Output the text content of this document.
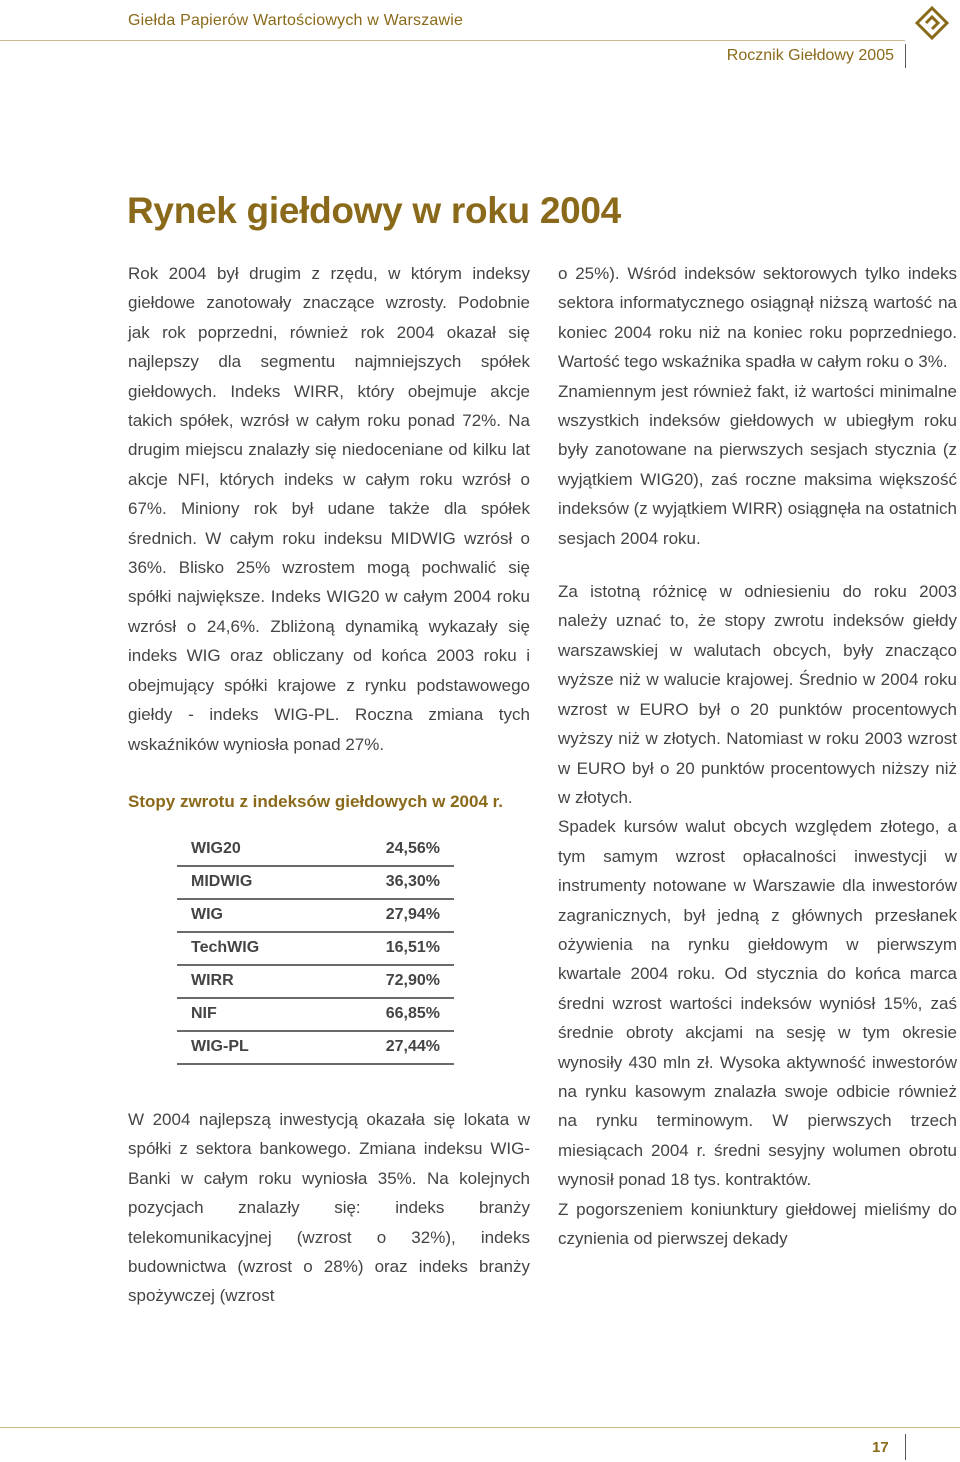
Giełda Papierów Wartościowych w Warszawie
Rocznik Giełdowy 2005
Rynek giełdowy w roku 2004

Rok 2004 był drugim z rzędu, w którym indeksy giełdowe zanotowały znaczące wzrosty. Podobnie jak rok poprzedni, również rok 2004 okazał się najlepszy dla segmentu najmniejszych spółek giełdowych. Indeks WIRR, który obejmuje akcje takich spółek, wzrósł w całym roku ponad 72%. Na drugim miejscu znalazły się niedoceniane od kilku lat akcje NFI, których indeks w całym roku wzrósł o 67%. Miniony rok był udane także dla spółek średnich. W całym roku indeksu MIDWIG wzrósł o 36%. Blisko 25% wzrostem mogą pochwalić się spółki największe. Indeks WIG20 w całym 2004 roku wzrósł o 24,6%. Zbliżoną dynamiką wykazały się indeks WIG oraz obliczany od końca 2003 roku i obejmujący spółki krajowe z rynku podstawowego giełdy - indeks WIG-PL. Roczna zmiana tych wskaźników wyniosła ponad 27%.

Stopy zwrotu z indeksów giełdowych w 2004 r.

WIG20	24,56%
MIDWIG	36,30%
WIG	27,94%
TechWIG	16,51%
WIRR	72,90%
NIF	66,85%
WIG-PL	27,44%

W 2004 najlepszą inwestycją okazała się lokata w spółki z sektora bankowego. Zmiana indeksu WIG-Banki w całym roku wyniosła 35%. Na kolejnych pozycjach znalazły się: indeks branży telekomunikacyjnej (wzrost o 32%), indeks budownictwa (wzrost o 28%) oraz indeks branży spożywczej (wzrost

o 25%). Wśród indeksów sektorowych tylko indeks sektora informatycznego osiągnął niższą wartość na koniec 2004 roku niż na koniec roku poprzedniego. Wartość tego wskaźnika spadła w całym roku o 3%.

Znamiennym jest również fakt, iż wartości minimalne wszystkich indeksów giełdowych w ubiegłym roku były zanotowane na pierwszych sesjach stycznia (z wyjątkiem WIG20), zaś roczne maksima większość indeksów (z wyjątkiem WIRR) osiągnęła na ostatnich sesjach 2004 roku.

Za istotną różnicę w odniesieniu do roku 2003 należy uznać to, że stopy zwrotu indeksów giełdy warszawskiej w walutach obcych, były znacząco wyższe niż w walucie krajowej. Średnio w 2004 roku wzrost w EURO był o 20 punktów procentowych wyższy niż w złotych. Natomiast w roku 2003 wzrost w EURO był o 20 punktów procentowych niższy niż w złotych.

Spadek kursów walut obcych względem złotego, a tym samym wzrost opłacalności inwestycji w instrumenty notowane w Warszawie dla inwestorów zagranicznych, był jedną z głównych przesłanek ożywienia na rynku giełdowym w pierwszym kwartale 2004 roku. Od stycznia do końca marca średni wzrost wartości indeksów wyniósł 15%, zaś średnie obroty akcjami na sesję w tym okresie wynosiły 430 mln zł. Wysoka aktywność inwestorów na rynku kasowym znalazła swoje odbicie również na rynku terminowym. W pierwszych trzech miesiącach 2004 r. średni sesyjny wolumen obrotu wynosił ponad 18 tys. kontraktów.

Z pogorszeniem koniunktury giełdowej mieliśmy do czynienia od pierwszej dekady

17
